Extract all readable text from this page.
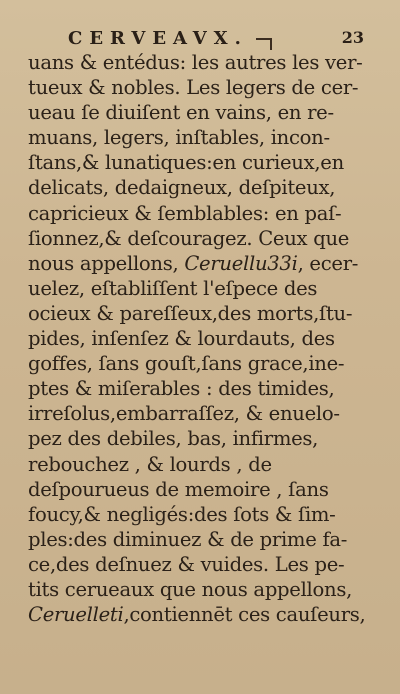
CERVEAVX.	23
uans & entédus: les autres les ver-
tueux & nobles. Les legers de cer-
ueau ſe diuiſent en vains, en re-
muans, legers, inſtables, incon-
ſtans,& lunatiques:en curieux,en
delicats, dedaigneux, deſpiteux,
capricieux & ſemblables: en paſ-
ſionnez,& deſcouragez. Ceux que
nous appellons, Ceruellu33i, ecer-
uelez, eſtabliſſent l'eſpece des
ocieux & pareſſeux,des morts,ſtu-
pides, inſenſez & lourdauts, des
goffes, ſans gouſt,ſans grace,ine-
ptes & miſerables : des timides,
irreſolus,embarraſſez, & enuelo-
pez des debiles, bas, infirmes,
rebouchez , & lourds , de
deſpourueus de memoire , ſans
foucy,& negligés:des ſots & ſim-
ples:des diminuez & de prime fa-
ce,des deſnuez & vuides. Les pe-
tits cerueaux que nous appellons,
Ceruelleti,contiennēt ces cauſeurs,
